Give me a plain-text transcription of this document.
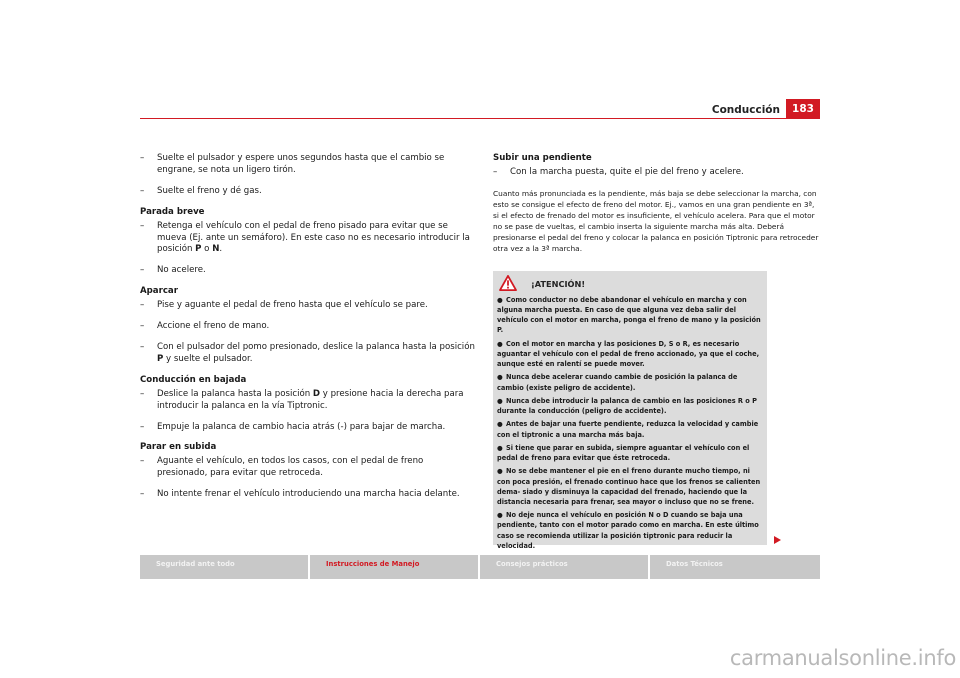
Conducción	183
– Suelte el pulsador y espere unos segundos hasta que el cambio se engrane, se nota un ligero tirón.
– Suelte el freno y dé gas.
Parada breve
– Retenga el vehículo con el pedal de freno pisado para evitar que se mueva (Ej. ante un semáforo). En este caso no es necesario introducir la posición P o N.
– No acelere.
Aparcar
– Pise y aguante el pedal de freno hasta que el vehículo se pare.
– Accione el freno de mano.
– Con el pulsador del pomo presionado, deslice la palanca hasta la posición P y suelte el pulsador.
Conducción en bajada
– Deslice la palanca hasta la posición D y presione hacia la derecha para introducir la palanca en la vía Tiptronic.
– Empuje la palanca de cambio hacia atrás (-) para bajar de marcha.
Parar en subida
– Aguante el vehículo, en todos los casos, con el pedal de freno presionado, para evitar que retroceda.
– No intente frenar el vehículo introduciendo una marcha hacia delante.
Subir una pendiente
– Con la marcha puesta, quite el pie del freno y acelere.
Cuanto más pronunciada es la pendiente, más baja se debe seleccionar la marcha, con esto se consigue el efecto de freno del motor. Ej., vamos en una gran pendiente en 3ª, si el efecto de frenado del motor es insuficiente, el vehículo acelera. Para que el motor no se pase de vueltas, el cambio inserta la siguiente marcha más alta. Deberá presionarse el pedal del freno y colocar la palanca en posición Tiptronic para retroceder otra vez a la 3ª marcha.
¡ATENCIÓN!
● Como conductor no debe abandonar el vehículo en marcha y con alguna marcha puesta. En caso de que alguna vez deba salir del vehículo con el motor en marcha, ponga el freno de mano y la posición P.
● Con el motor en marcha y las posiciones D, S o R, es necesario aguantar el vehículo con el pedal de freno accionado, ya que el coche, aunque esté en ralentí se puede mover.
● Nunca debe acelerar cuando cambie de posición la palanca de cambio (existe peligro de accidente).
● Nunca debe introducir la palanca de cambio en las posiciones R o P durante la conducción (peligro de accidente).
● Antes de bajar una fuerte pendiente, reduzca la velocidad y cambie con el tiptronic a una marcha más baja.
● Si tiene que parar en subida, siempre aguantar el vehículo con el pedal de freno para evitar que éste retroceda.
● No se debe mantener el pie en el freno durante mucho tiempo, ni con poca presión, el frenado continuo hace que los frenos se calienten dema- siado y disminuya la capacidad del frenado, haciendo que la distancia necesaria para frenar, sea mayor o incluso que no se frene.
● No deje nunca el vehículo en posición N o D cuando se baja una pendiente, tanto con el motor parado como en marcha. En este último caso se recomienda utilizar la posición tiptronic para reducir la velocidad.
Seguridad ante todo	Instrucciones de Manejo	Consejos prácticos	Datos Técnicos
carmanualsonline.info
